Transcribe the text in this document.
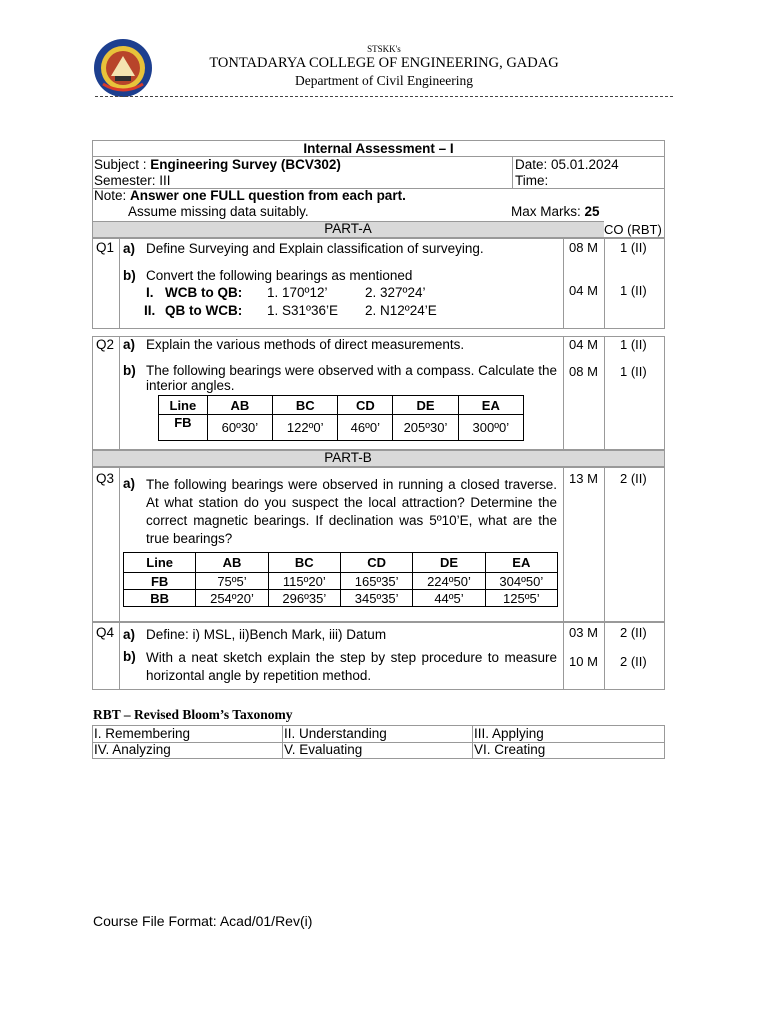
STSKK's
TONTADARYA COLLEGE OF ENGINEERING, GADAG
Department of Civil Engineering
Internal Assessment – I
Subject : Engineering Survey (BCV302)
Semester: III
Date: 05.01.2024
Time:
Note: Answer one FULL question from each part.
Assume missing data suitably.	Max Marks: 25
PART-A	CO (RBT)
Q1 a) Define Surveying and Explain classification of surveying.	08 M 1 (II)
b) Convert the following bearings as mentioned
04 M 1 (II)
I. WCB to QB: 1. 170º12’	2. 327º24’
II. QB to WCB: 1. S31º36’E 2. N12º24’E
Q2 a) Explain the various methods of direct measurements.	04 M 1 (II)
b) The following bearings were observed with a compass. Calculate the interior angles.
08 M 1 (II)
Line	AB	BC	CD	DE	EA
FB	60º30’	122º0’	46º0’	205º30’	300º0’
PART-B
Q3 a) The following bearings were observed in running a closed traverse. At what station do you suspect the local attraction? Determine the correct magnetic bearings. If declination was 5º10’E, what are the true bearings?
13 M 2 (II)
Line	AB	BC	CD	DE	EA
FB	75º5’	115º20’	165º35’	224º50’	304º50’
BB	254º20’	296º35’	345º35’	44º5’	125º5’
Q4 a) Define: i) MSL, ii)Bench Mark, iii) Datum	03 M 2 (II)
b) With a neat sketch explain the step by step procedure to measure horizontal angle by repetition method.
10 M 2 (II)
RBT – Revised Bloom’s Taxonomy
I. Remembering	II. Understanding	III. Applying
IV. Analyzing	V. Evaluating	VI. Creating
Course File Format: Acad/01/Rev(i)
